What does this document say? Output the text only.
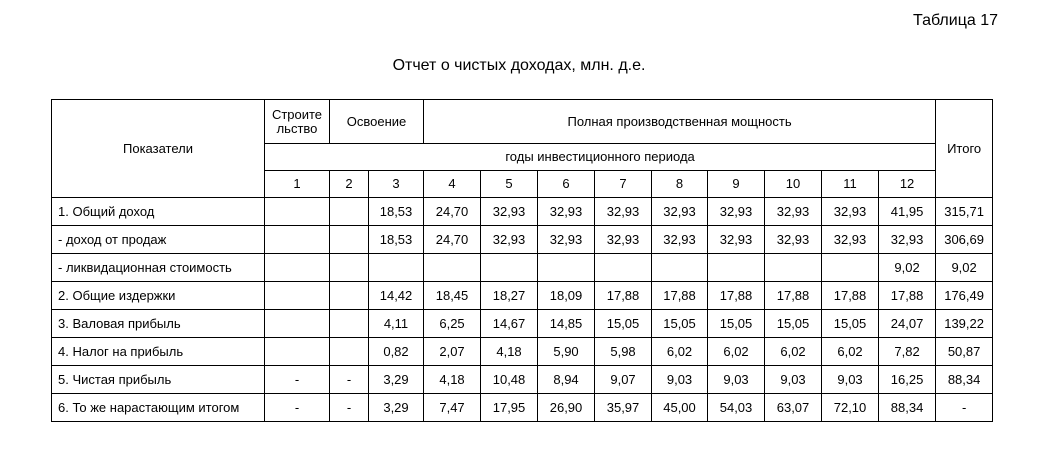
Таблица 17
Отчет о чистых доходах, млн. д.е.
Показатели	Строите льство	Освоение		Полная производственная мощность									Итого
	годы инвестиционного периода												
	1	2	3	4	5	6	7	8	9	10	11	12	
1. Общий доход			18,53	24,70	32,93	32,93	32,93	32,93	32,93	32,93	32,93	41,95	315,71
- доход от продаж			18,53	24,70	32,93	32,93	32,93	32,93	32,93	32,93	32,93	32,93	306,69
- ликвидационная стоимость												9,02	9,02
2. Общие издержки			14,42	18,45	18,27	18,09	17,88	17,88	17,88	17,88	17,88	17,88	176,49
3. Валовая прибыль			4,11	6,25	14,67	14,85	15,05	15,05	15,05	15,05	15,05	24,07	139,22
4. Налог на прибыль			0,82	2,07	4,18	5,90	5,98	6,02	6,02	6,02	6,02	7,82	50,87
5. Чистая прибыль	-	-	3,29	4,18	10,48	8,94	9,07	9,03	9,03	9,03	9,03	16,25	88,34
6. То же нарастающим итогом	-	-	3,29	7,47	17,95	26,90	35,97	45,00	54,03	63,07	72,10	88,34	-
